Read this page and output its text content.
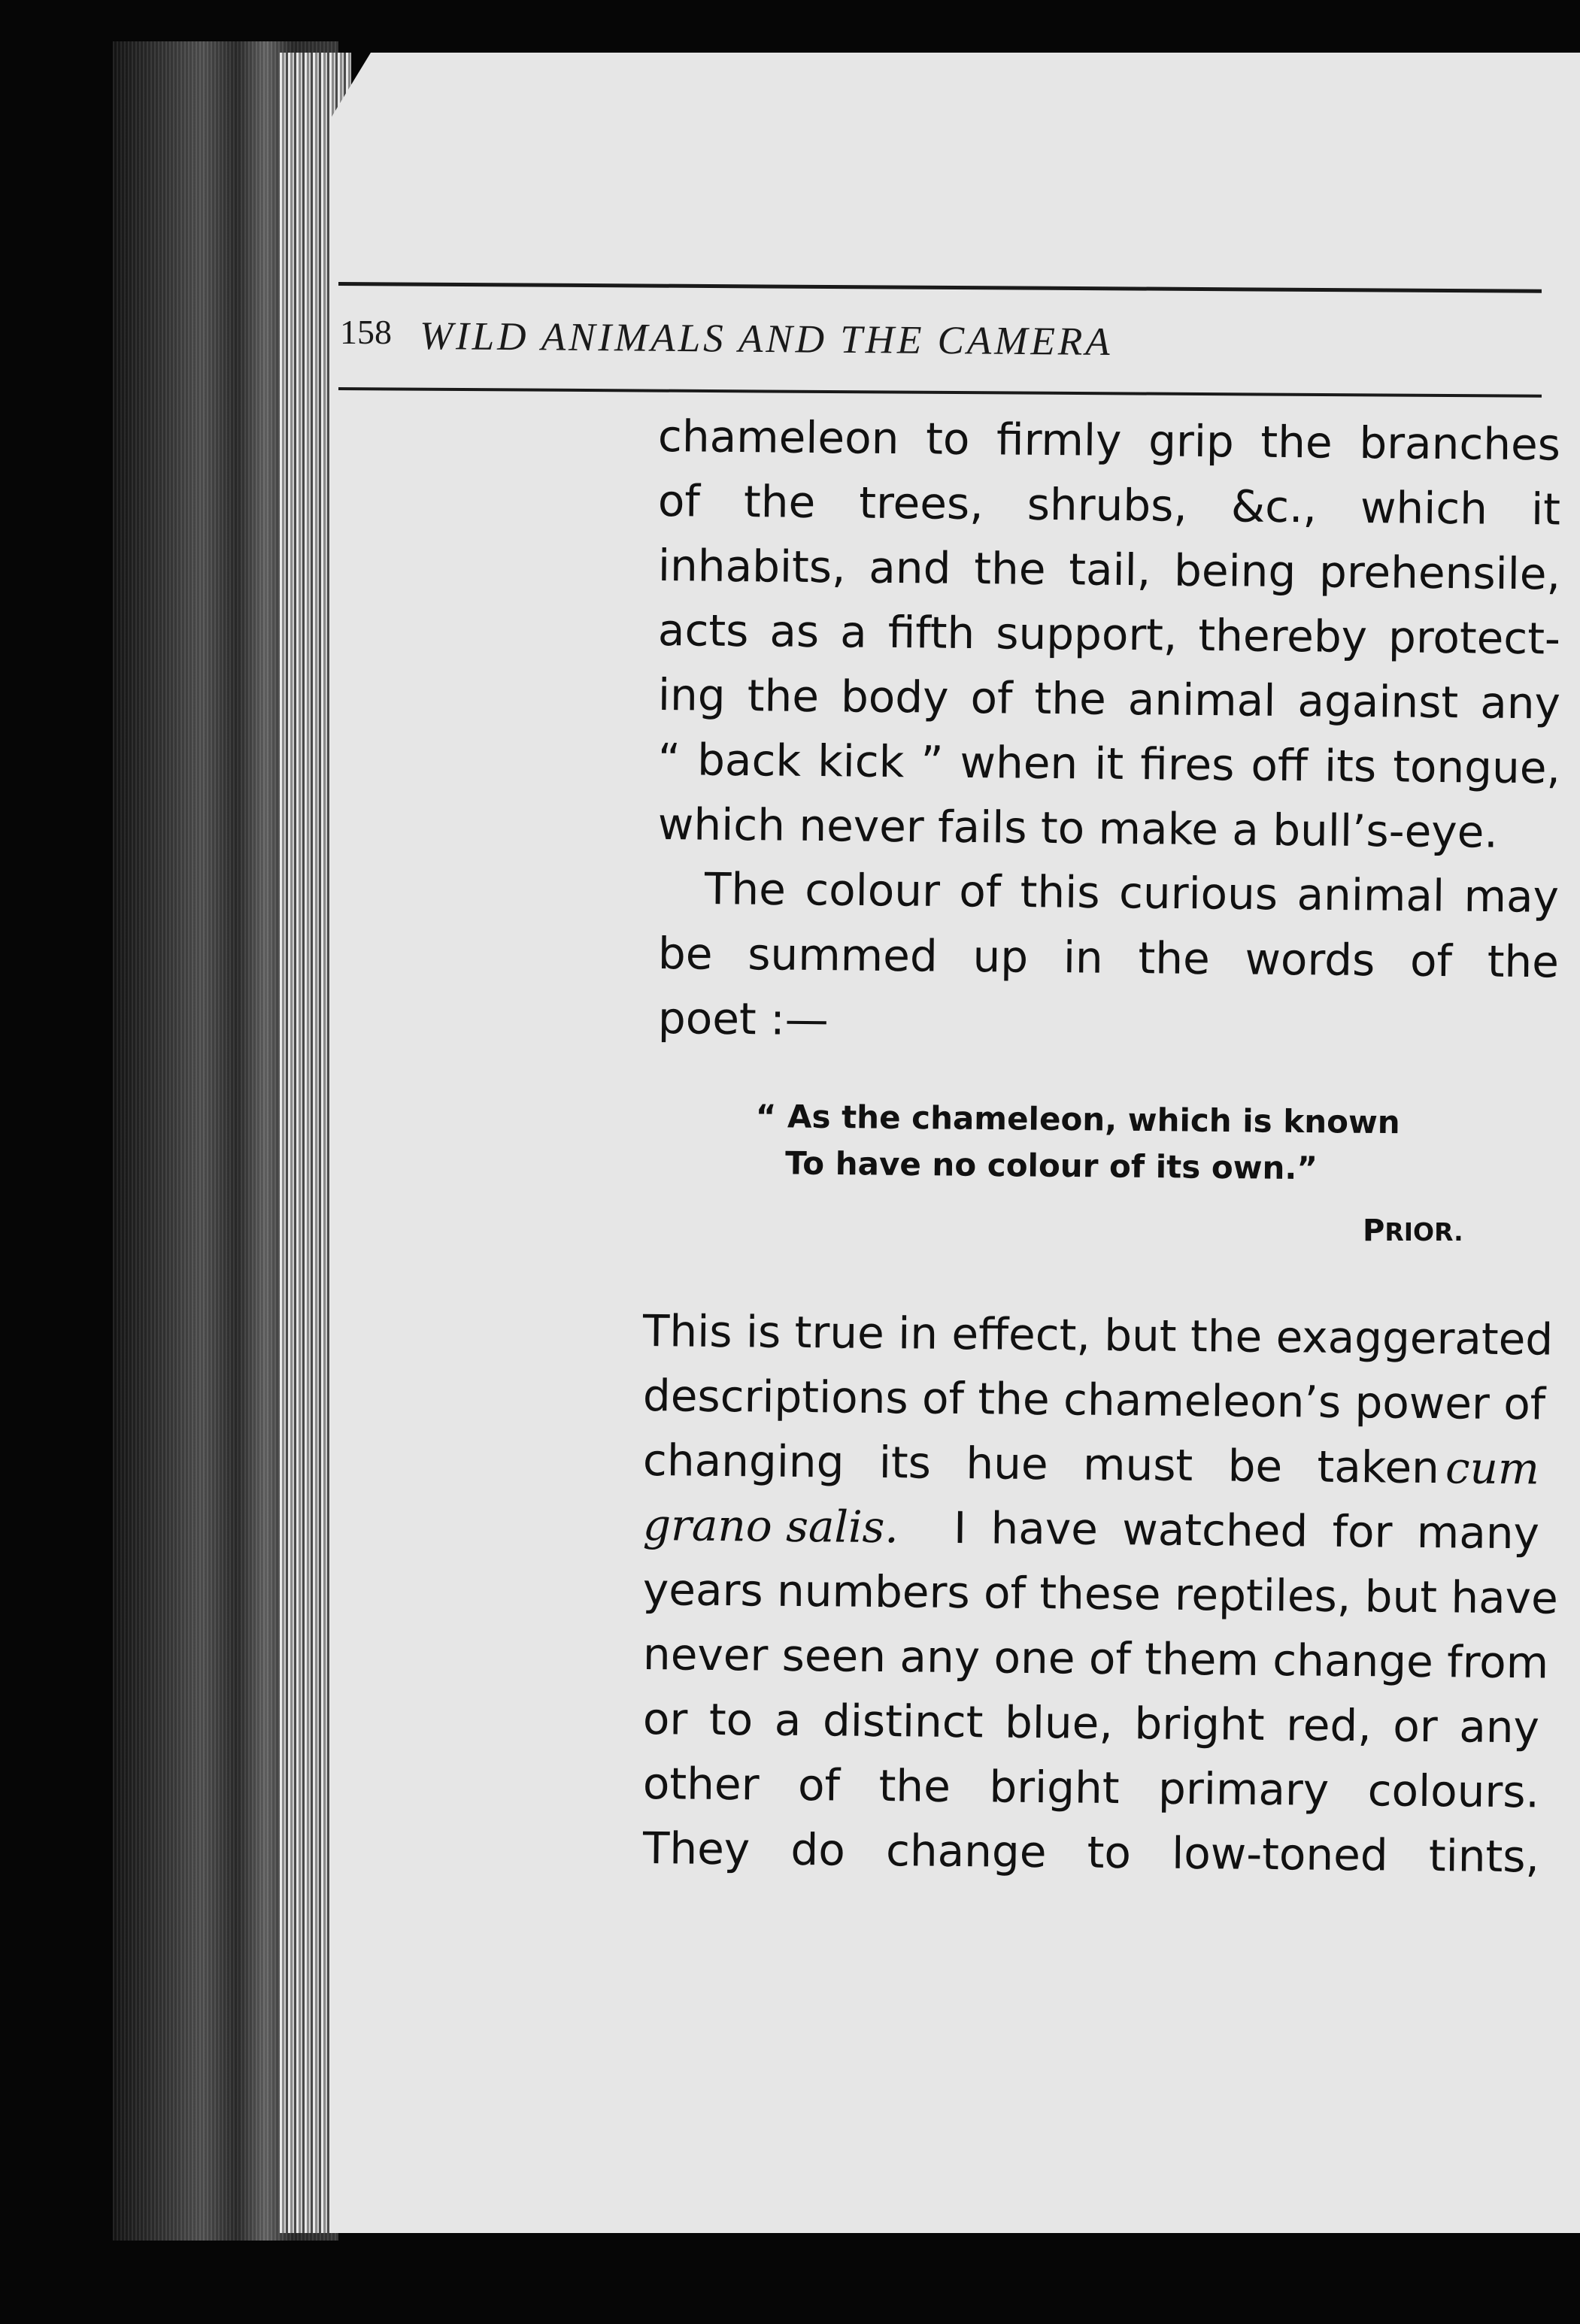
158 WILD ANIMALS AND THE CAMERA
chameleon to firmly grip the branches
of the trees, shrubs, &c., which it
inhabits, and the tail, being prehensile,
acts as a fifth support, thereby protect-
ing the body of the animal against any
“ back kick ” when it fires off its tongue,
which never fails to make a bull’s-eye.
The colour of this curious animal may
be summed up in the words of the
poet :—
“ As the chameleon, which is known
To have no colour of its own.”
PRIOR.
This is true in effect, but the exaggerated
descriptions of the chameleon’s power of
changing its hue must be taken cum
grano salis. I have watched for many
years numbers of these reptiles, but have
never seen any one of them change from
or to a distinct blue, bright red, or any
other of the bright primary colours.
They do change to low-toned tints,
